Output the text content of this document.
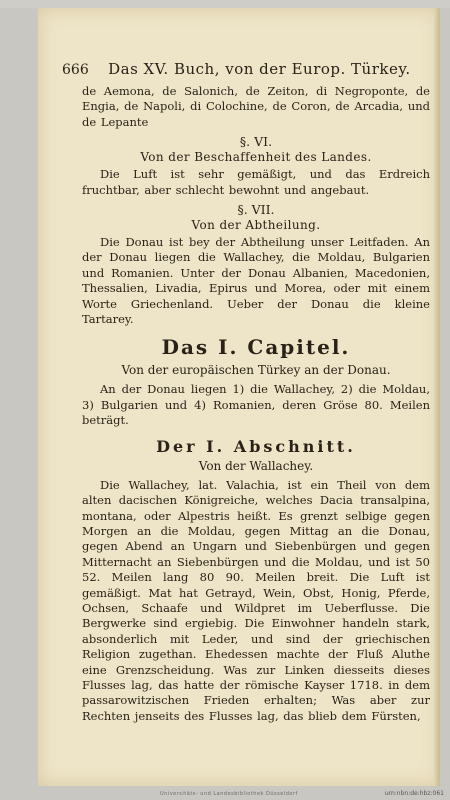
666	Das XV. Buch, von der Europ. Türkey.

de Aemona, de Salonich, de Zeiton, di Negroponte, de Engia, de Napoli, di Colochine, de Coron, de Arcadia, und de Lepante

§. VI.

Von der Beschaffenheit des Landes.

Die Luft ist sehr gemäßigt, und das Erdreich fruchtbar, aber schlecht bewohnt und angebaut.

§. VII.

Von der Abtheilung.

Die Donau ist bey der Abtheilung unser Leitfaden. An der Donau liegen die Wallachey, die Moldau, Bulgarien und Romanien. Unter der Donau Albanien, Macedonien, Thessalien, Livadia, Epirus und Morea, oder mit einem Worte Griechenland. Ueber der Donau die kleine Tartarey.

Das I. Capitel.

Von der europäischen Türkey an der Donau.

An der Donau liegen 1) die Wallachey, 2) die Moldau, 3) Bulgarien und 4) Romanien, deren Gröse 80. Meilen beträgt.

Der I. Abschnitt.

Von der Wallachey.

Die Wallachey, lat. Valachia, ist ein Theil von dem alten dacischen Königreiche, welches Dacia transalpina, montana, oder Alpestris heißt. Es grenzt selbige gegen Morgen an die Moldau, gegen Mittag an die Donau, gegen Abend an Ungarn und Siebenbürgen und gegen Mitternacht an Siebenbürgen und die Moldau, und ist 50 52. Meilen lang 80 90. Meilen breit. Die Luft ist gemäßigt. Mat hat Getrayd, Wein, Obst, Honig, Pferde, Ochsen, Schaafe und Wildpret im Ueberflusse. Die Bergwerke sind ergiebig. Die Einwohner handeln stark, absonderlich mit Leder, und sind der griechischen Religion zugethan. Ehedessen machte der Fluß Aluthe eine Grenzscheidung. Was zur Linken diesseits dieses Flusses lag, das hatte der römische Kayser 1718. in dem passarowitzischen Frieden erhalten; Was aber zur Rechten jenseits des Flusses lag, das blieb dem Fürsten,

Universitäts- und Landesbibliothek Düsseldorf	urn:nbn:de:hbz:061
